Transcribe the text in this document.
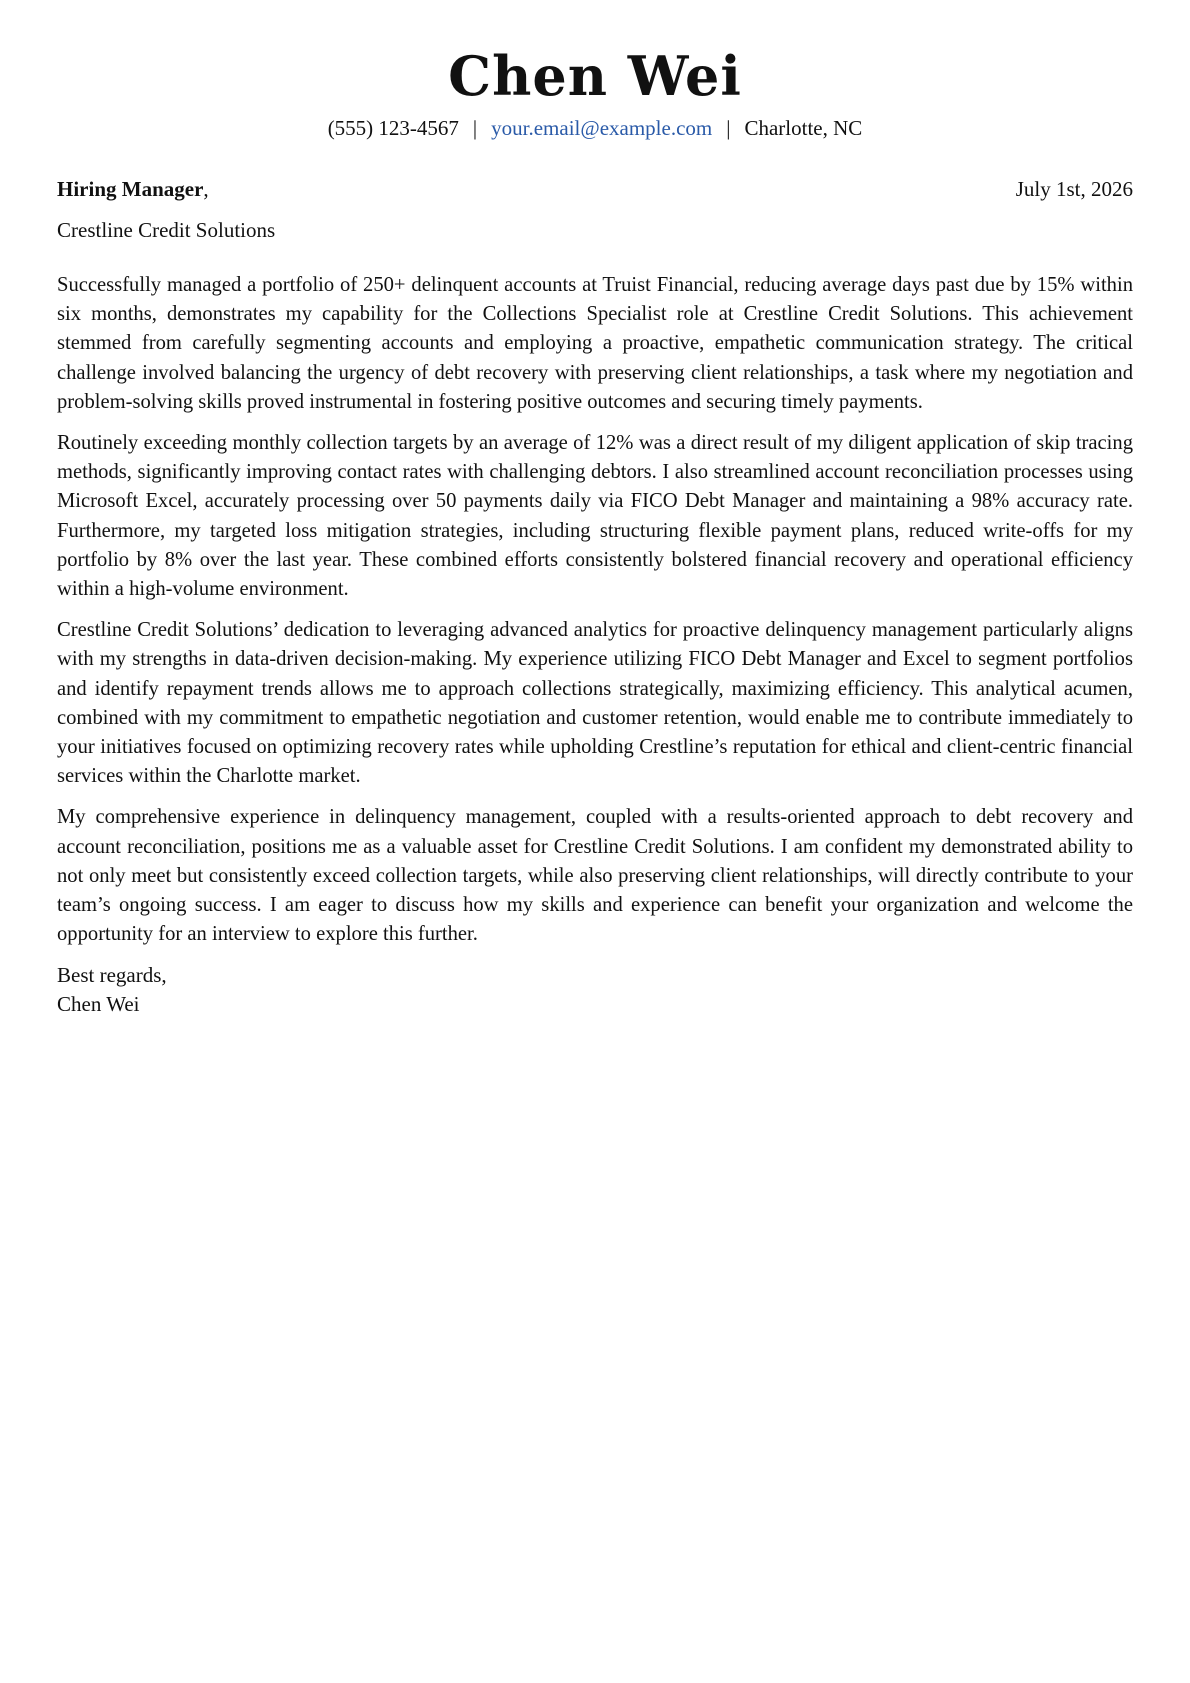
Chen Wei
(555) 123-4567 | your.email@example.com | Charlotte, NC
Hiring Manager,	July 1st, 2026
Crestline Credit Solutions

Successfully managed a portfolio of 250+ delinquent accounts at Truist Financial, reducing average days past due by 15% within six months, demonstrates my capability for the Collections Specialist role at Crestline Credit Solutions. This achievement stemmed from carefully segmenting accounts and employing a proactive, empathetic communication strategy. The critical challenge involved balancing the urgency of debt recovery with preserving client relationships, a task where my negotiation and problem-solving skills proved instrumental in fostering positive outcomes and securing timely payments.

Routinely exceeding monthly collection targets by an average of 12% was a direct result of my diligent application of skip tracing methods, significantly improving contact rates with challenging debtors. I also streamlined account reconciliation processes using Microsoft Excel, accurately processing over 50 payments daily via FICO Debt Manager and maintaining a 98% accuracy rate. Furthermore, my targeted loss mitigation strategies, including structuring flexible payment plans, reduced write-offs for my portfolio by 8% over the last year. These combined efforts consistently bolstered financial recovery and operational efficiency within a high-volume environment.

Crestline Credit Solutions’ dedication to leveraging advanced analytics for proactive delinquency management particularly aligns with my strengths in data-driven decision-making. My experience utilizing FICO Debt Manager and Excel to segment portfolios and identify repayment trends allows me to approach collections strategically, maximizing efficiency. This analytical acumen, combined with my commitment to empathetic negotiation and customer retention, would enable me to contribute immediately to your initiatives focused on optimizing recovery rates while upholding Crestline’s reputation for ethical and client-centric financial services within the Charlotte market.

My comprehensive experience in delinquency management, coupled with a results-oriented approach to debt recovery and account reconciliation, positions me as a valuable asset for Crestline Credit Solutions. I am confident my demonstrated ability to not only meet but consistently exceed collection targets, while also preserving client relationships, will directly contribute to your team’s ongoing success. I am eager to discuss how my skills and experience can benefit your organization and welcome the opportunity for an interview to explore this further.

Best regards,
Chen Wei
